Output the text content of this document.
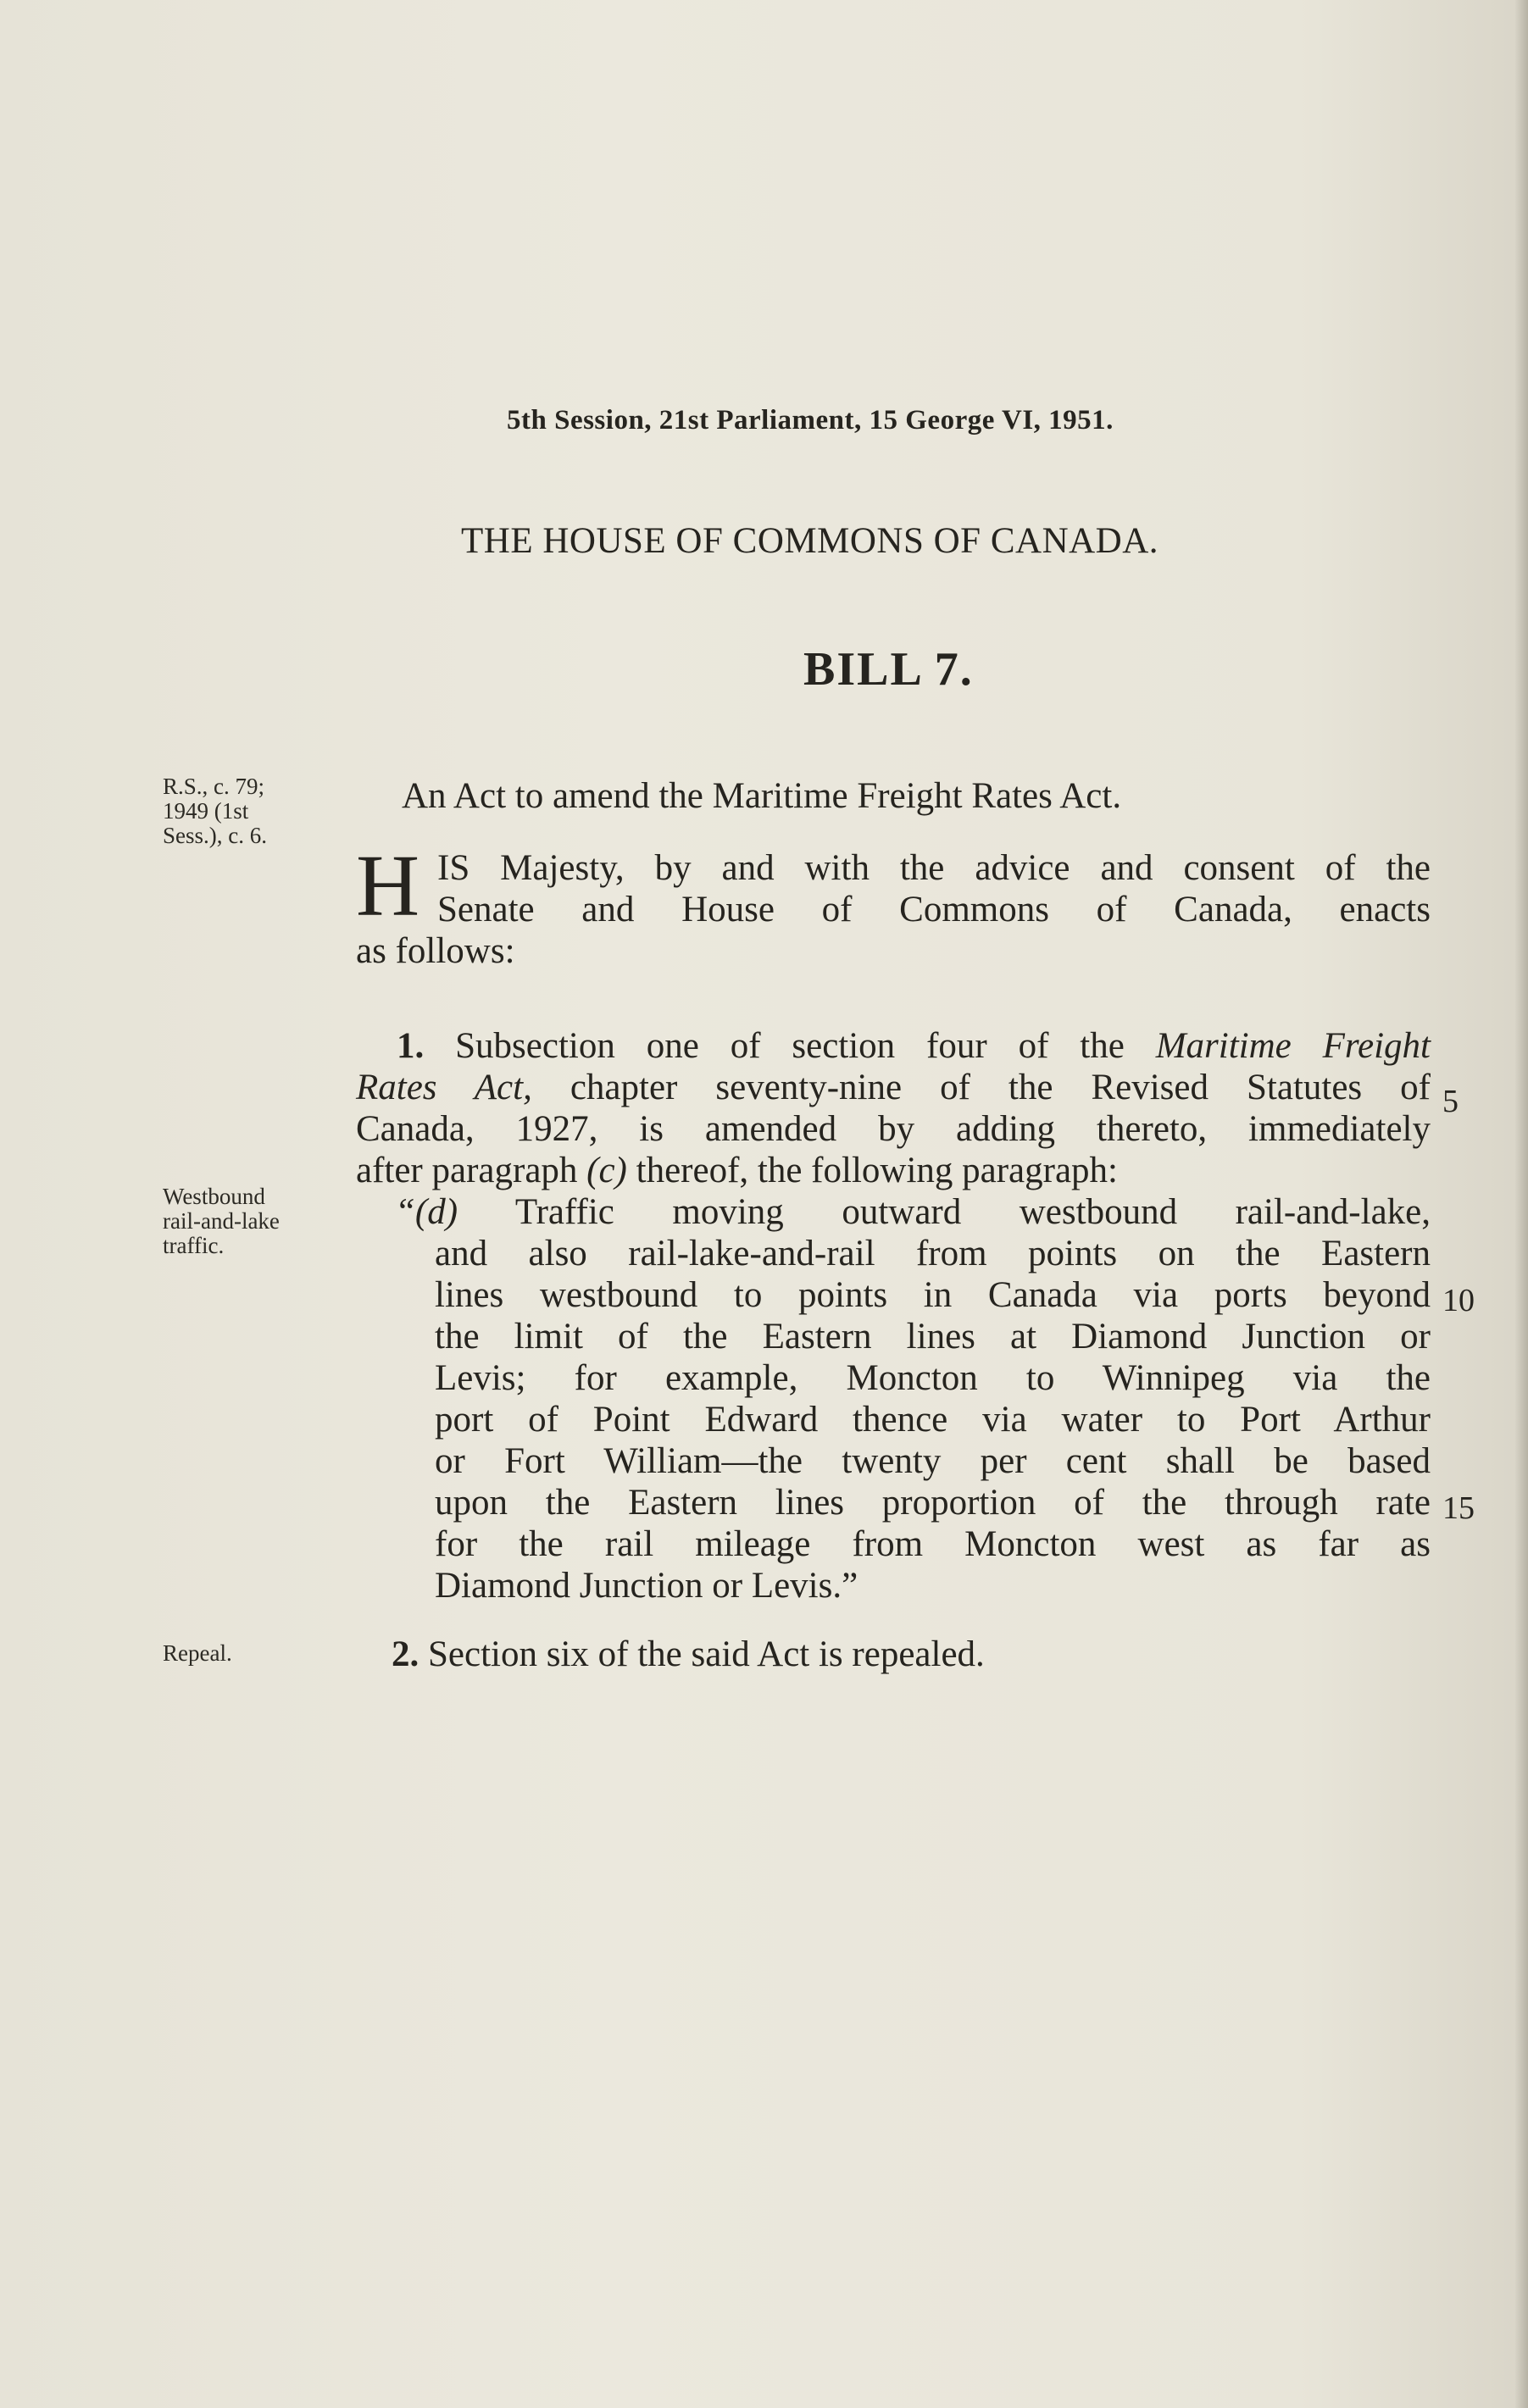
5th Session, 21st Parliament, 15 George VI, 1951.
THE HOUSE OF COMMONS OF CANADA.
BILL 7.
R.S., c. 79;
1949 (1st
Sess.), c. 6.
Westbound
rail-and-lake
traffic.
Repeal.
An Act to amend the Maritime Freight Rates Act.
H IS Majesty, by and with the advice and consent of the
Senate and House of Commons of Canada, enacts
as follows:
1. Subsection one of section four of the Maritime Freight
Rates Act, chapter seventy-nine of the Revised Statutes of
Canada, 1927, is amended by adding thereto, immediately
after paragraph (c) thereof, the following paragraph:
“(d) Traffic moving outward westbound rail-and-lake,
and also rail-lake-and-rail from points on the Eastern
lines westbound to points in Canada via ports beyond
the limit of the Eastern lines at Diamond Junction or
Levis; for example, Moncton to Winnipeg via the
port of Point Edward thence via water to Port Arthur
or Fort William—the twenty per cent shall be based
upon the Eastern lines proportion of the through rate
for the rail mileage from Moncton west as far as
Diamond Junction or Levis.”
2. Section six of the said Act is repealed.
5
10
15
